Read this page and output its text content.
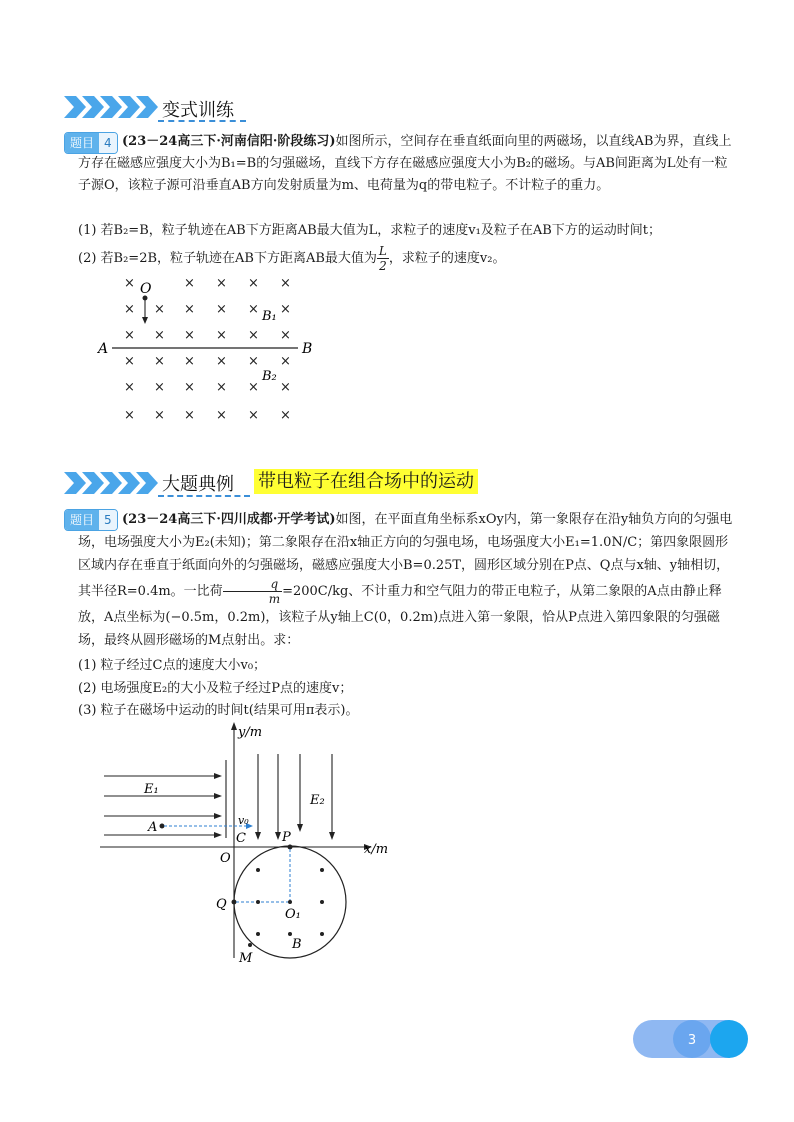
变式训练
题目 4 (23－24高三下·河南信阳·阶段练习)如图所示，空间存在垂直纸面向里的两磁场，以直线AB为界，直线上方存在磁感应强度大小为B₁=B的匀强磁场，直线下方存在磁感应强度大小为B₂的磁场。与AB间距离为L处有一粒子源O，该粒子源可沿垂直AB方向发射质量为m、电荷量为q的带电粒子。不计粒子的重力。
(1) 若B₂=B，粒子轨迹在AB下方距离AB最大值为L，求粒子的速度v₁及粒子在AB下方的运动时间t；
(2) 若B₂=2B，粒子轨迹在AB下方距离AB最大值为 $\frac{L}{2}$ ，求粒子的速度v₂。
×	× × × ×
× × × × × ×
× × × × × ×
× × × × × ×
× × × × × ×
× × × × × ×
O
A	B
B₁
B₂
大题典例 带电粒子在组合场中的运动
题目 5 (23－24高三下·四川成都·开学考试)如图，在平面直角坐标系xOy内，第一象限存在沿y轴负方向的匀强电场，电场强度大小为E₂(未知)；第二象限存在沿x轴正方向的匀强电场，电场强度大小E₁=1.0N/C；第四象限圆形区域内存在垂直于纸面向外的匀强磁场，磁感应强度大小B=0.25T，圆形区域分别在P点、Q点与x轴、y轴相切，其半径R=0.4m。一比荷 $\frac{q}{m} =200C/kg$、不计重力和空气阻力的带正电粒子，从第二象限的A点由静止释放，A点坐标为(−0.5m，0.2m)，该粒子从y轴上C(0，0.2m)点进入第一象限，恰从P点进入第四象限的匀强磁场，最终从圆形磁场的M点射出。求：
(1) 粒子经过C点的速度大小v₀；
(2) 电场强度E₂的大小及粒子经过P点的速度v；
(3) 粒子在磁场中运动的时间t(结果可用π表示)。
y/m
x/m
E₁
E₂
A
C
v₀
P
O
Q
O₁
B
M
3
